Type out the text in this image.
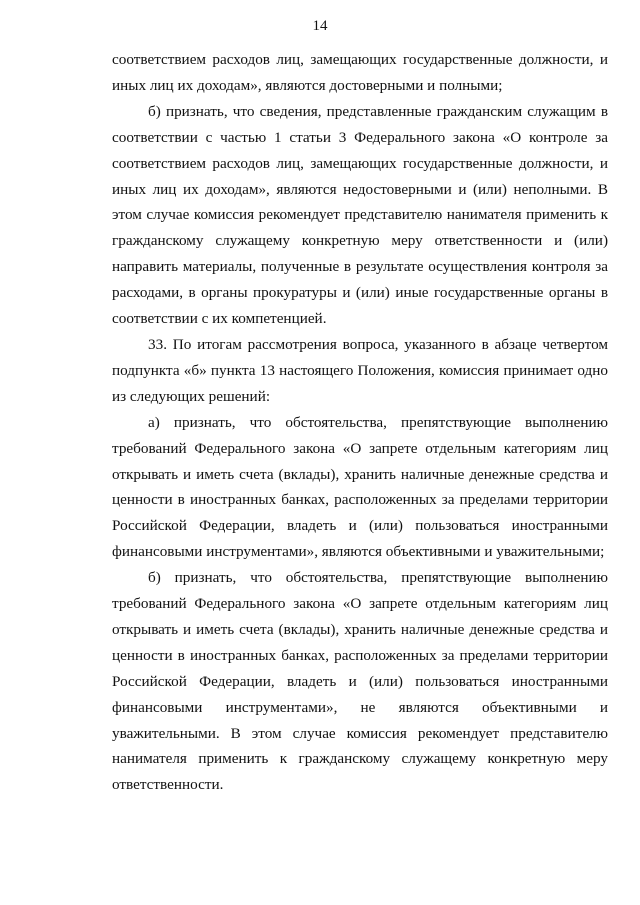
14

соответствием расходов лиц, замещающих государственные должности, и иных лиц их доходам», являются достоверными и полными;

б) признать, что сведения, представленные гражданским служащим в соответствии с частью 1 статьи 3 Федерального закона «О контроле за соответствием расходов лиц, замещающих государственные должности, и иных лиц их доходам», являются недостоверными и (или) неполными. В этом случае комиссия рекомендует представителю нанимателя применить к гражданскому служащему конкретную меру ответственности и (или) направить материалы, полученные в результате осуществления контроля за расходами, в органы прокуратуры и (или) иные государственные органы в соответствии с их компетенцией.

33. По итогам рассмотрения вопроса, указанного в абзаце четвертом подпункта «б» пункта 13 настоящего Положения, комиссия принимает одно из следующих решений:

а) признать, что обстоятельства, препятствующие выполнению требований Федерального закона «О запрете отдельным категориям лиц открывать и иметь счета (вклады), хранить наличные денежные средства и ценности в иностранных банках, расположенных за пределами территории Российской Федерации, владеть и (или) пользоваться иностранными финансовыми инструментами», являются объективными и уважительными;

б) признать, что обстоятельства, препятствующие выполнению требований Федерального закона «О запрете отдельным категориям лиц открывать и иметь счета (вклады), хранить наличные денежные средства и ценности в иностранных банках, расположенных за пределами территории Российской Федерации, владеть и (или) пользоваться иностранными финансовыми инструментами», не являются объективными и уважительными. В этом случае комиссия рекомендует представителю нанимателя применить к гражданскому служащему конкретную меру ответственности.
